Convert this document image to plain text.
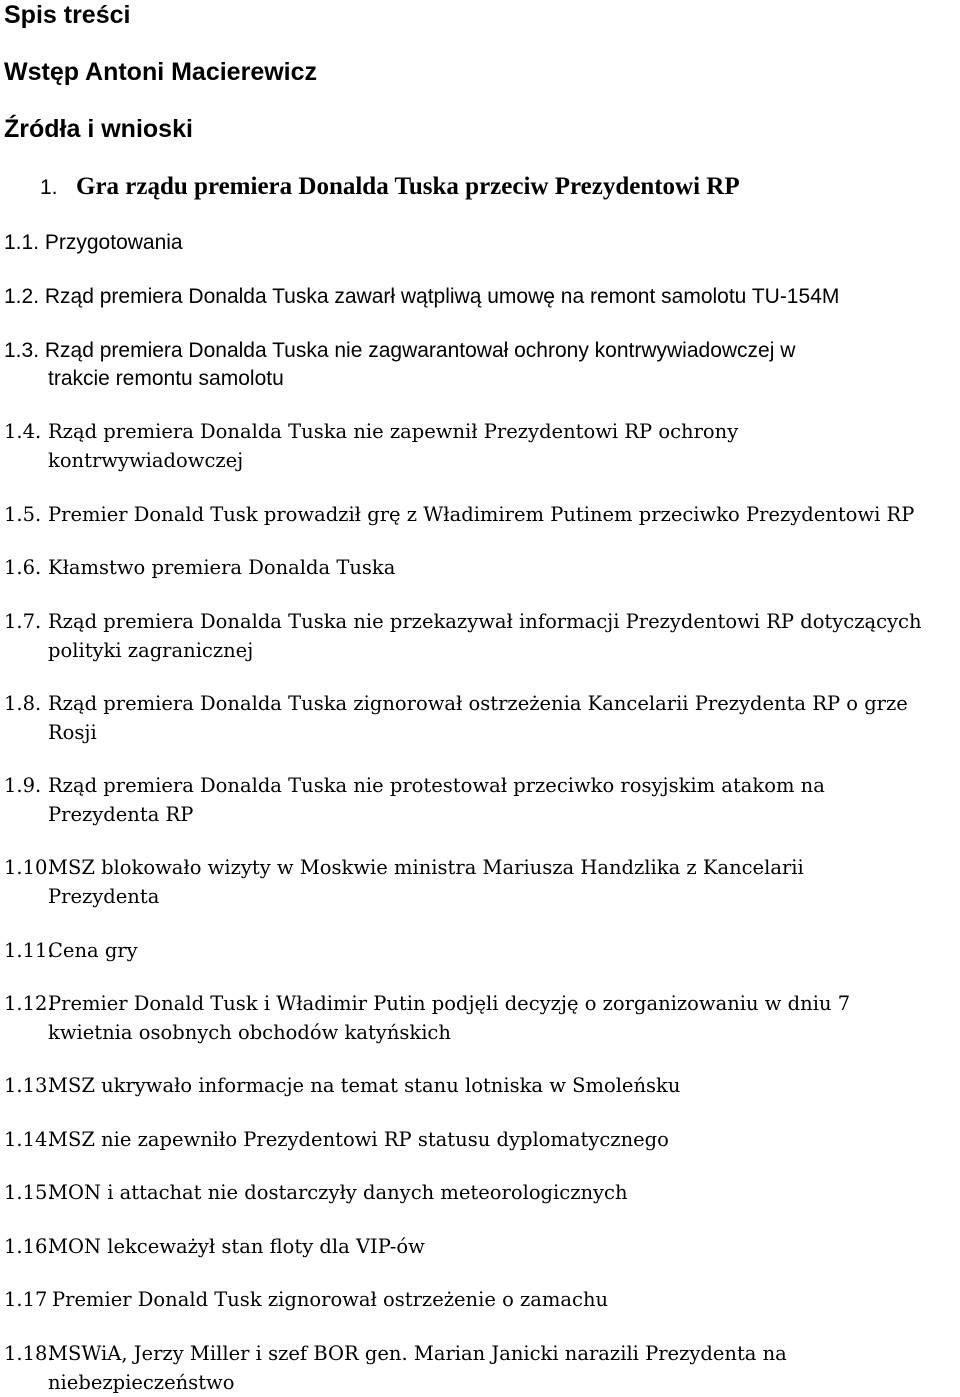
Spis treści
Wstęp Antoni Macierewicz
Źródła i wnioski
1. Gra rządu premiera Donalda Tuska przeciw Prezydentowi RP
1.1. Przygotowania
1.2. Rząd premiera Donalda Tuska zawarł wątpliwą umowę na remont samolotu TU-154M
1.3. Rząd premiera Donalda Tuska nie zagwarantował ochrony kontrwywiadowczej w
trakcie remontu samolotu
1.4. Rząd premiera Donalda Tuska nie zapewnił Prezydentowi RP ochrony
kontrwywiadowczej
1.5. Premier Donald Tusk prowadził grę z Władimirem Putinem przeciwko Prezydentowi RP
1.6. Kłamstwo premiera Donalda Tuska
1.7. Rząd premiera Donalda Tuska nie przekazywał informacji Prezydentowi RP dotyczących
polityki zagranicznej
1.8. Rząd premiera Donalda Tuska zignorował ostrzeżenia Kancelarii Prezydenta RP o grze
Rosji
1.9. Rząd premiera Donalda Tuska nie protestował przeciwko rosyjskim atakom na
Prezydenta RP
1.10.MSZ blokowało wizyty w Moskwie ministra Mariusza Handzlika z Kancelarii
Prezydenta
1.11.Cena gry
1.12.Premier Donald Tusk i Władimir Putin podjęli decyzję o zorganizowaniu w dniu 7
kwietnia osobnych obchodów katyńskich
1.13.MSZ ukrywało informacje na temat stanu lotniska w Smoleńsku
1.14.MSZ nie zapewniło Prezydentowi RP statusu dyplomatycznego
1.15.MON i attachat nie dostarczyły danych meteorologicznych
1.16.MON lekceważył stan floty dla VIP-ów
1.17 Premier Donald Tusk zignorował ostrzeżenie o zamachu
1.18.MSWiA, Jerzy Miller i szef BOR gen. Marian Janicki narazili Prezydenta na
niebezpieczeństwo
